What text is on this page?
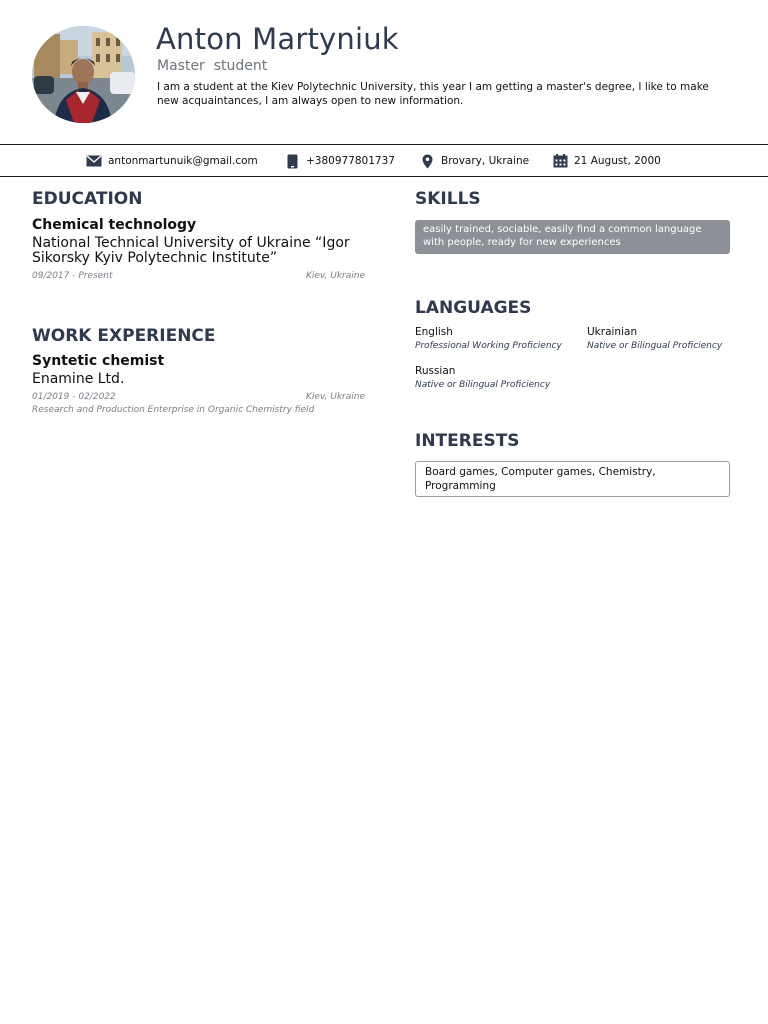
Anton Martyniuk
Master  student
I am a student at the Kiev Polytechnic University, this year I am getting a master's degree, I like to make new acquaintances, I am always open to new information.
antonmartunuik@gmail.com	+380977801737	Brovary, Ukraine	21 August, 2000
EDUCATION
Chemical technology
National Technical University of Ukraine “Igor Sikorsky Kyiv Polytechnic Institute”
09/2017 - Present	Kiev, Ukraine
WORK EXPERIENCE
Syntetic chemist
Enamine Ltd.
01/2019 - 02/2022	Kiev, Ukraine
Research and Production Enterprise in Organic Chemistry field
SKILLS
easily trained, sociable, easily find a common language with people, ready for new experiences
LANGUAGES
English
Professional Working Proficiency
Ukrainian
Native or Bilingual Proficiency
Russian
Native or Bilingual Proficiency
INTERESTS
Board games, Computer games, Chemistry, Programming
